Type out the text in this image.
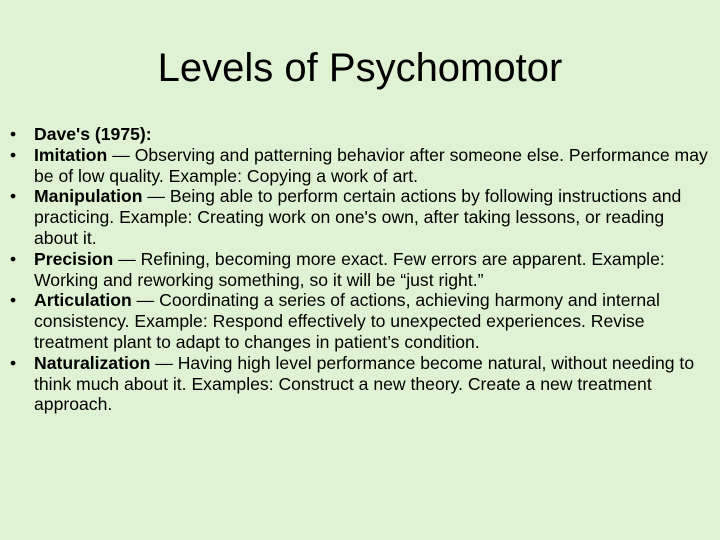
Levels of Psychomotor
•	Dave's (1975):
•	Imitation — Observing and patterning behavior after someone else. Performance may be of low quality. Example: Copying a work of art.
•	Manipulation — Being able to perform certain actions by following instructions and practicing. Example: Creating work on one's own, after taking lessons, or reading about it.
•	Precision — Refining, becoming more exact. Few errors are apparent. Example: Working and reworking something, so it will be “just right.”
•	Articulation — Coordinating a series of actions, achieving harmony and internal consistency. Example: Respond effectively to unexpected experiences. Revise treatment plant to adapt to changes in patient’s condition.
•	Naturalization — Having high level performance become natural, without needing to think much about it. Examples: Construct a new theory. Create a new treatment approach.
